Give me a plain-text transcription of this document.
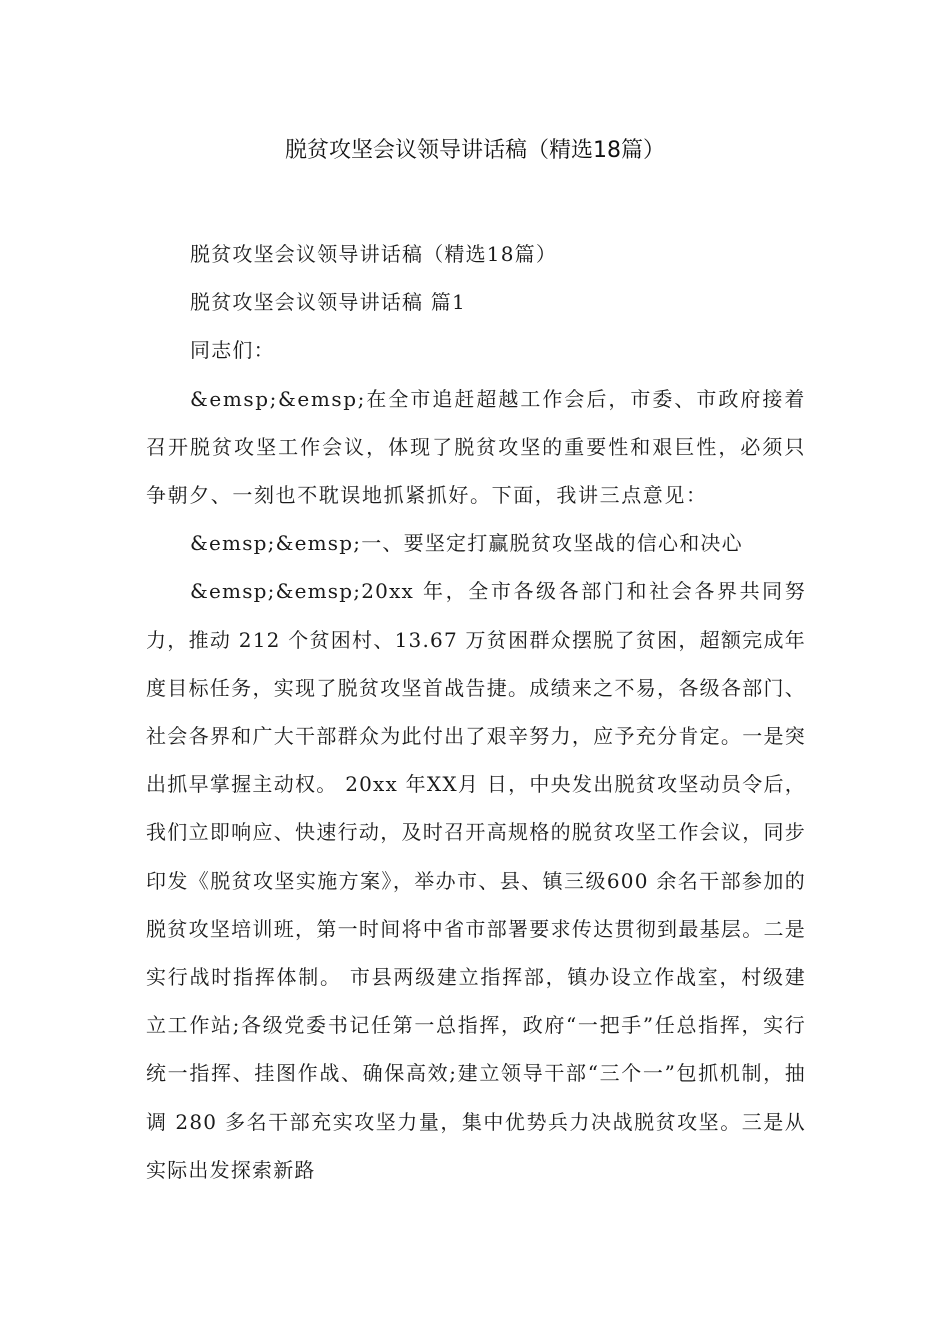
脱贫攻坚会议领导讲话稿（精选18篇）

脱贫攻坚会议领导讲话稿（精选18篇）

脱贫攻坚会议领导讲话稿 篇1

同志们：

&emsp;&emsp;在全市追赶超越工作会后，市委、市政府接着召开脱贫攻坚工作会议，体现了脱贫攻坚的重要性和艰巨性，必须只争朝夕、一刻也不耽误地抓紧抓好。下面，我讲三点意见：

&emsp;&emsp;一、要坚定打赢脱贫攻坚战的信心和决心

&emsp;&emsp;20xx 年，全市各级各部门和社会各界共同努力，推动 212 个贫困村、13.67 万贫困群众摆脱了贫困，超额完成年度目标任务，实现了脱贫攻坚首战告捷。成绩来之不易，各级各部门、社会各界和广大干部群众为此付出了艰辛努力，应予充分肯定。一是突出抓早掌握主动权。 20xx 年XX月 日，中央发出脱贫攻坚动员令后，我们立即响应、快速行动，及时召开高规格的脱贫攻坚工作会议，同步印发《脱贫攻坚实施方案》，举办市、县、镇三级600 余名干部参加的脱贫攻坚培训班，第一时间将中省市部署要求传达贯彻到最基层。二是实行战时指挥体制。 市县两级建立指挥部，镇办设立作战室，村级建立工作站;各级党委书记任第一总指挥，政府“一把手”任总指挥，实行统一指挥、挂图作战、确保高效;建立领导干部“三个一”包抓机制，抽调 280 多名干部充实攻坚力量，集中优势兵力决战脱贫攻坚。三是从实际出发探索新路
